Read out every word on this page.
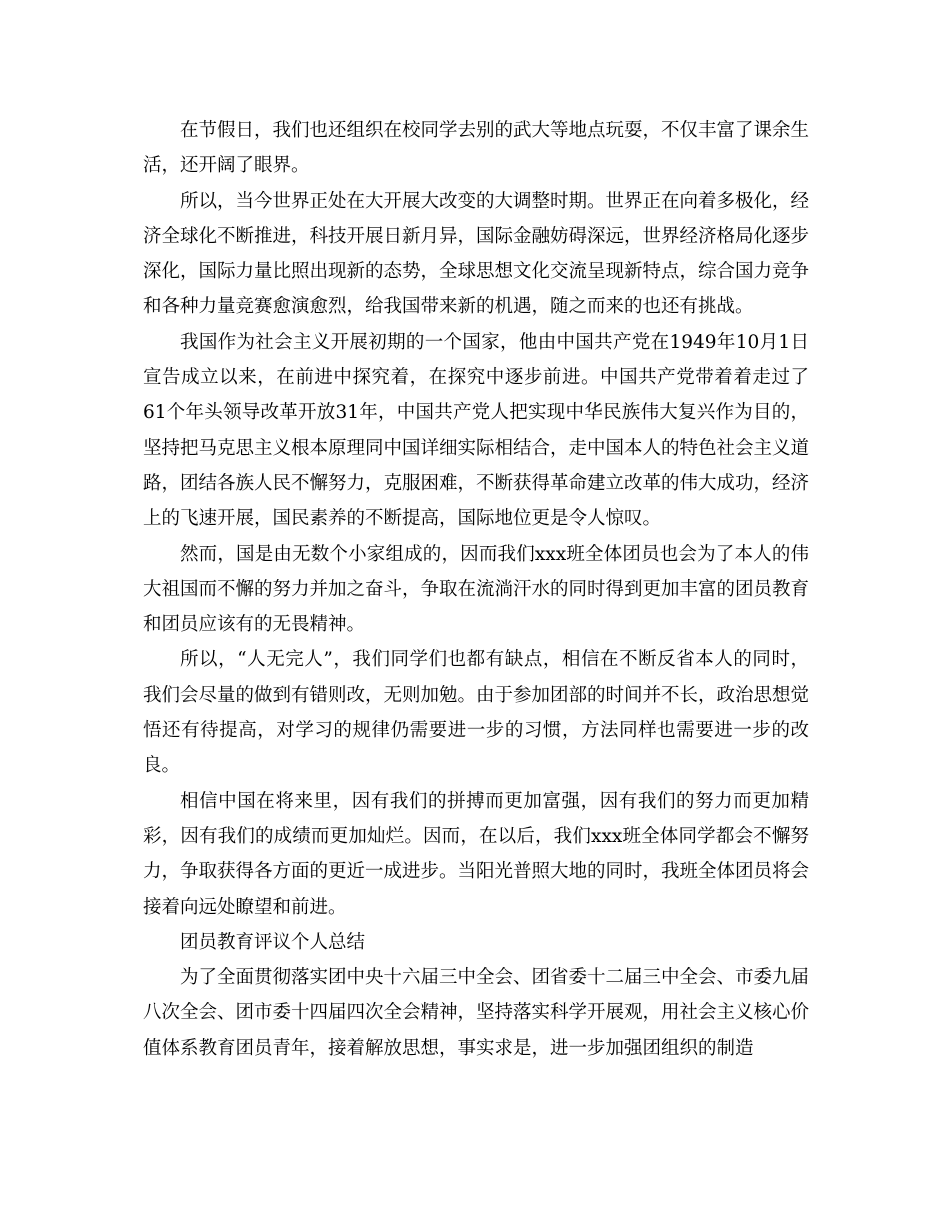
在节假日，我们也还组织在校同学去别的武大等地点玩耍，不仅丰富了课余生活，还开阔了眼界。

所以，当今世界正处在大开展大改变的大调整时期。世界正在向着多极化，经济全球化不断推进，科技开展日新月异，国际金融妨碍深远，世界经济格局化逐步深化，国际力量比照出现新的态势，全球思想文化交流呈现新特点，综合国力竞争和各种力量竞赛愈演愈烈，给我国带来新的机遇，随之而来的也还有挑战。

我国作为社会主义开展初期的一个国家，他由中国共产党在1949年10月1日宣告成立以来，在前进中探究着，在探究中逐步前进。中国共产党带着着走过了61个年头领导改革开放31年，中国共产党人把实现中华民族伟大复兴作为目的，坚持把马克思主义根本原理同中国详细实际相结合，走中国本人的特色社会主义道路，团结各族人民不懈努力，克服困难，不断获得革命建立改革的伟大成功，经济上的飞速开展，国民素养的不断提高，国际地位更是令人惊叹。

然而，国是由无数个小家组成的，因而我们xxx班全体团员也会为了本人的伟大祖国而不懈的努力并加之奋斗，争取在流淌汗水的同时得到更加丰富的团员教育和团员应该有的无畏精神。

所以，“人无完人”，我们同学们也都有缺点，相信在不断反省本人的同时，我们会尽量的做到有错则改，无则加勉。由于参加团部的时间并不长，政治思想觉悟还有待提高，对学习的规律仍需要进一步的习惯，方法同样也需要进一步的改良。

相信中国在将来里，因有我们的拼搏而更加富强，因有我们的努力而更加精彩，因有我们的成绩而更加灿烂。因而，在以后，我们xxx班全体同学都会不懈努力，争取获得各方面的更近一成进步。当阳光普照大地的同时，我班全体团员将会接着向远处瞭望和前进。

团员教育评议个人总结

为了全面贯彻落实团中央十六届三中全会、团省委十二届三中全会、市委九届八次全会、团市委十四届四次全会精神，坚持落实科学开展观，用社会主义核心价值体系教育团员青年，接着解放思想，事实求是，进一步加强团组织的制造
